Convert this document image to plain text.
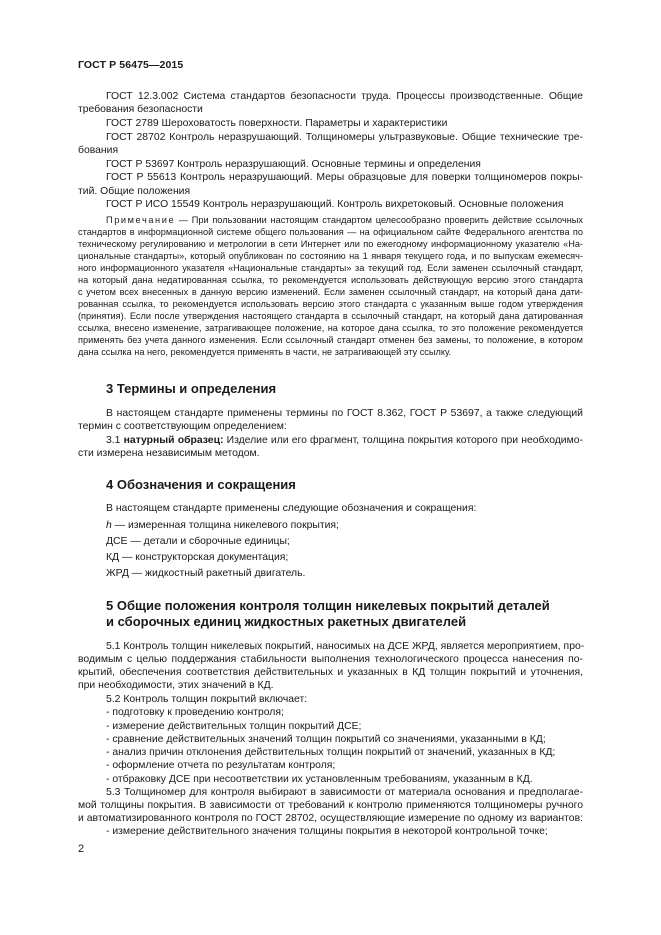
ГОСТ Р 56475—2015
ГОСТ 12.3.002 Система стандартов безопасности труда. Процессы производственные. Общие
требования безопасности
ГОСТ 2789 Шероховатость поверхности. Параметры и характеристики
ГОСТ 28702 Контроль неразрушающий. Толщиномеры ультразвуковые. Общие технические тре-
бования
ГОСТ Р 53697 Контроль неразрушающий. Основные термины и определения
ГОСТ Р 55613 Контроль неразрушающий. Меры образцовые для поверки толщиномеров покры-
тий. Общие положения
ГОСТ Р ИСО 15549 Контроль неразрушающий. Контроль вихретоковый. Основные положения
Примечание — При пользовании настоящим стандартом целесообразно проверить действие ссылочных
стандартов в информационной системе общего пользования — на официальном сайте Федерального агентства по
техническому регулированию и метрологии в сети Интернет или по ежегодному информационному указателю «На-
циональные стандарты», который опубликован по состоянию на 1 января текущего года, и по выпускам ежемесяч-
ного информационного указателя «Национальные стандарты» за текущий год. Если заменен ссылочный стандарт,
на который дана недатированная ссылка, то рекомендуется использовать действующую версию этого стандарта
с учетом всех внесенных в данную версию изменений. Если заменен ссылочный стандарт, на который дана дати-
рованная ссылка, то рекомендуется использовать версию этого стандарта с указанным выше годом утверждения
(принятия). Если после утверждения настоящего стандарта в ссылочный стандарт, на который дана датированная
ссылка, внесено изменение, затрагивающее положение, на которое дана ссылка, то это положение рекомендуется
применять без учета данного изменения. Если ссылочный стандарт отменен без замены, то положение, в котором
дана ссылка на него, рекомендуется применять в части, не затрагивающей эту ссылку.
3 Термины и определения
В настоящем стандарте применены термины по ГОСТ 8.362, ГОСТ Р 53697, а также следующий
термин с соответствующим определением:
3.1 натурный образец: Изделие или его фрагмент, толщина покрытия которого при необходимо-
сти измерена независимым методом.
4 Обозначения и сокращения
В настоящем стандарте применены следующие обозначения и сокращения:
h — измеренная толщина никелевого покрытия;
ДСЕ — детали и сборочные единицы;
КД — конструкторская документация;
ЖРД — жидкостный ракетный двигатель.
5 Общие положения контроля толщин никелевых покрытий деталей
и сборочных единиц жидкостных ракетных двигателей
5.1 Контроль толщин никелевых покрытий, наносимых на ДСЕ ЖРД, является мероприятием, про-
водимым с целью поддержания стабильности выполнения технологического процесса нанесения по-
крытий, обеспечения соответствия действительных и указанных в КД толщин покрытий и уточнения,
при необходимости, этих значений в КД.
5.2 Контроль толщин покрытий включает:
- подготовку к проведению контроля;
- измерение действительных толщин покрытий ДСЕ;
- сравнение действительных значений толщин покрытий со значениями, указанными в КД;
- анализ причин отклонения действительных толщин покрытий от значений, указанных в КД;
- оформление отчета по результатам контроля;
- отбраковку ДСЕ при несоответствии их установленным требованиям, указанным в КД.
5.3 Толщиномер для контроля выбирают в зависимости от материала основания и предполагае-
мой толщины покрытия. В зависимости от требований к контролю применяются толщиномеры ручного
и автоматизированного контроля по ГОСТ 28702, осуществляющие измерение по одному из вариантов:
- измерение действительного значения толщины покрытия в некоторой контрольной точке;
2
